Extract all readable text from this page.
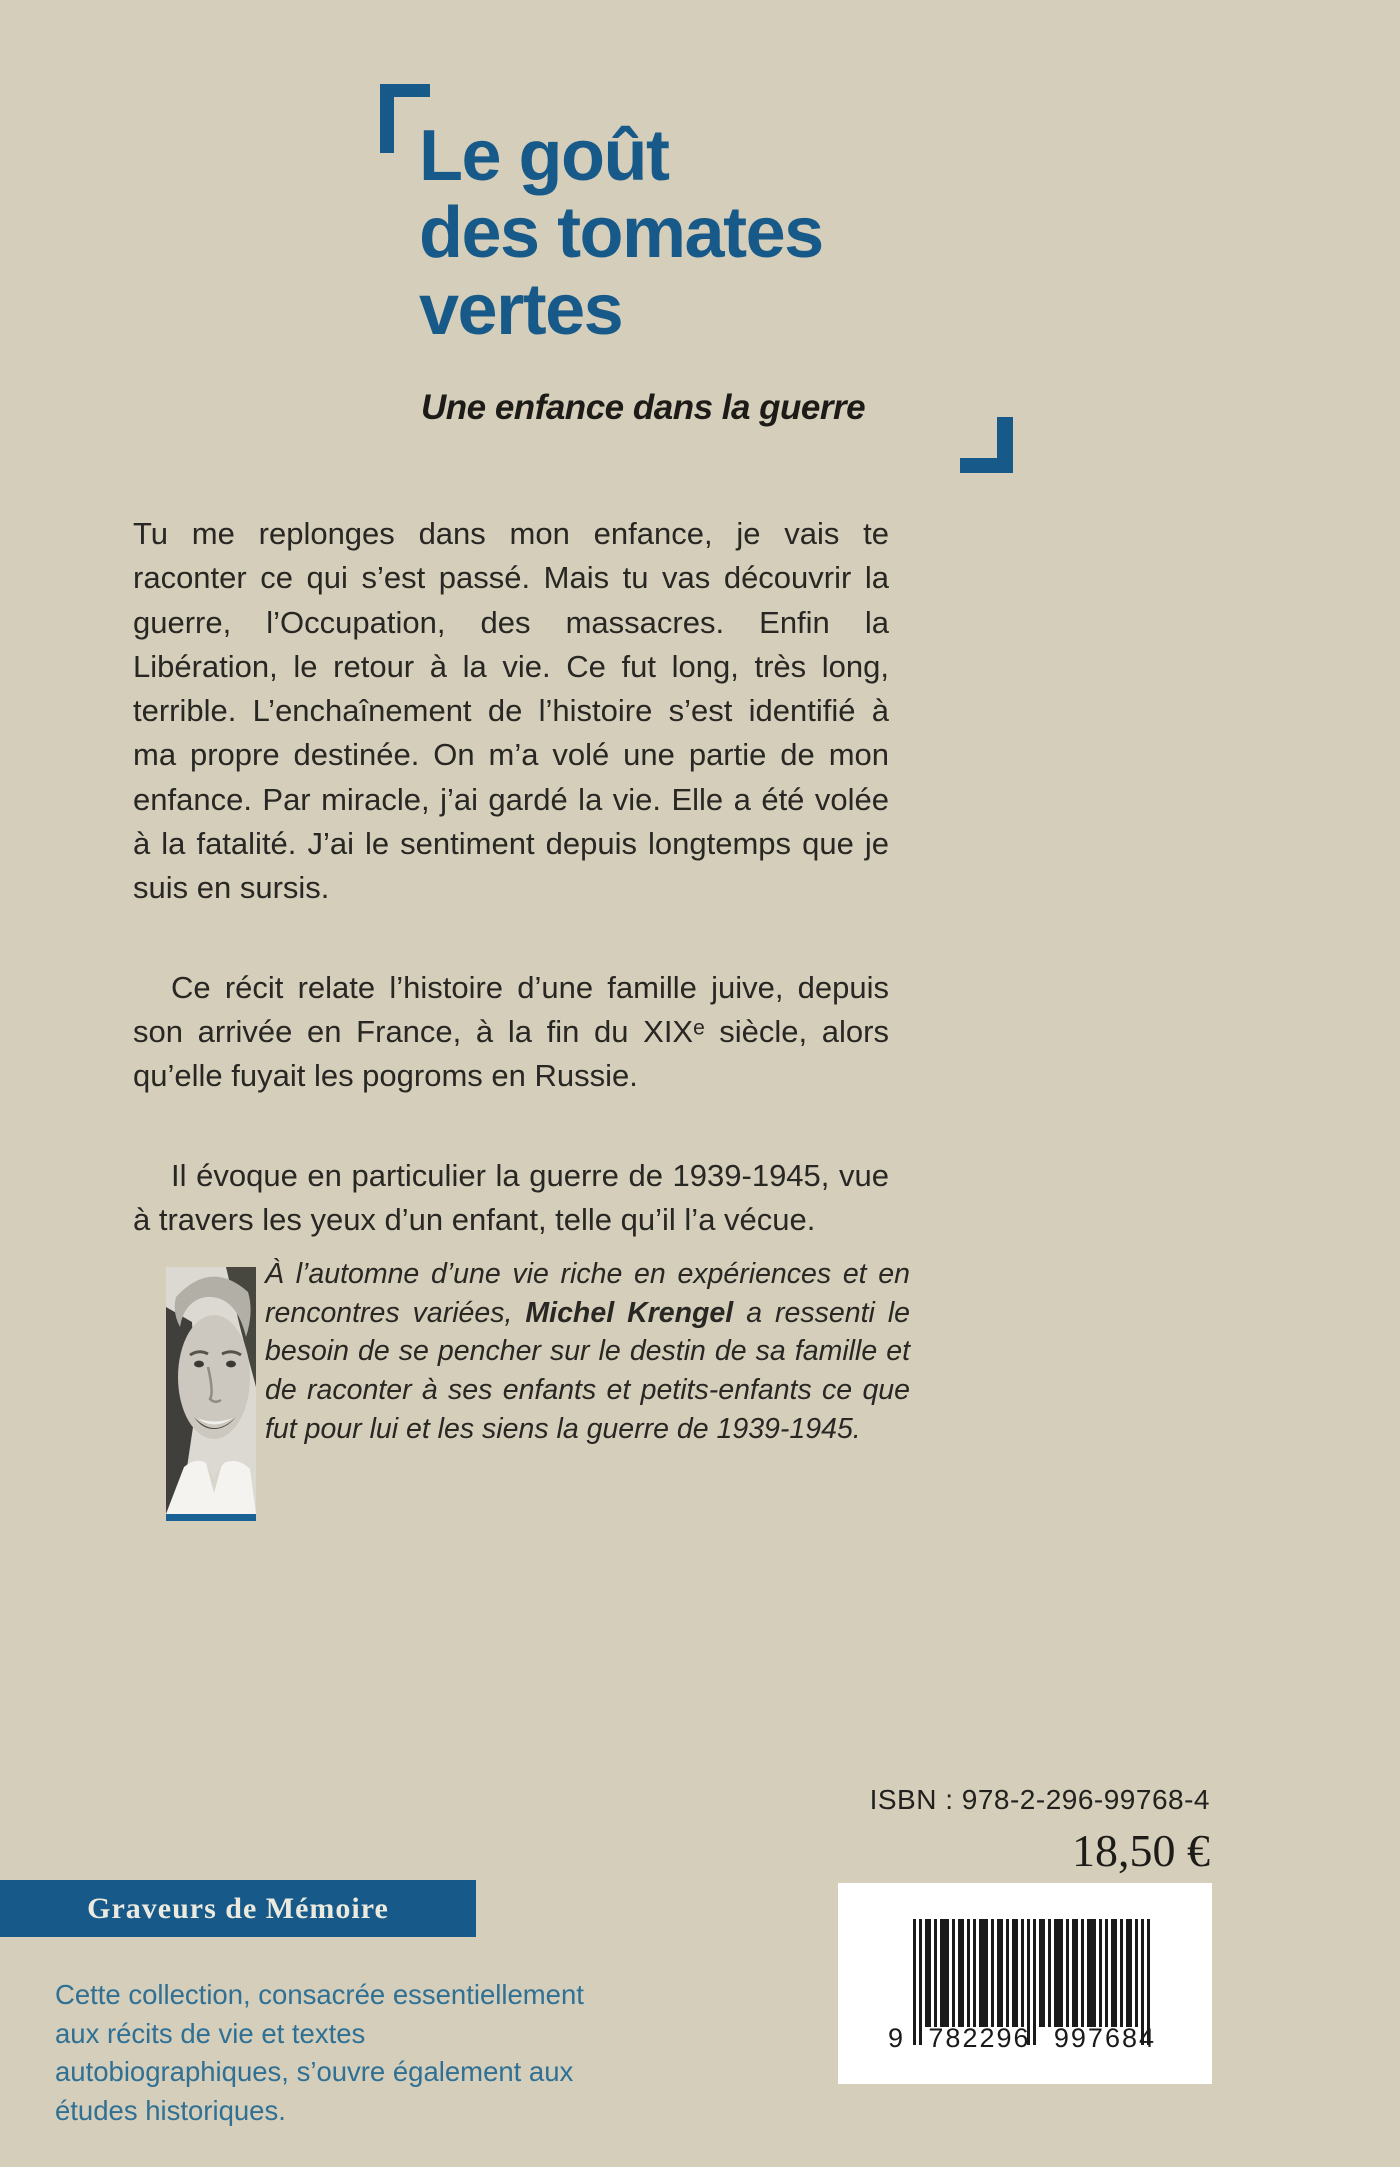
Le goût
des tomates
vertes
Une enfance dans la guerre

Tu me replonges dans mon enfance, je vais te raconter ce qui s’est passé. Mais tu vas découvrir la guerre, l’Occupation, des massacres. Enfin la Libération, le retour à la vie. Ce fut long, très long, terrible. L’enchaînement de l’histoire s’est identifié à ma propre destinée. On m’a volé une partie de mon enfance. Par miracle, j’ai gardé la vie. Elle a été volée à la fatalité. J’ai le sentiment depuis longtemps que je suis en sursis.

Ce récit relate l’histoire d’une famille juive, depuis son arrivée en France, à la fin du XIXᵉ siècle, alors qu’elle fuyait les pogroms en Russie.

Il évoque en particulier la guerre de 1939-1945, vue à travers les yeux d’un enfant, telle qu’il l’a vécue.

À l’automne d’une vie riche en expériences et en rencontres variées, Michel Krengel a ressenti le besoin de se pencher sur le destin de sa famille et de raconter à ses enfants et petits-enfants ce que fut pour lui et les siens la guerre de 1939-1945.
ISBN : 978-2-296-99768-4
18,50 €
Graveurs de Mémoire
Cette collection, consacrée essentiellement aux récits de vie et textes autobiographiques, s’ouvre également aux études historiques.
9 782296 997684
